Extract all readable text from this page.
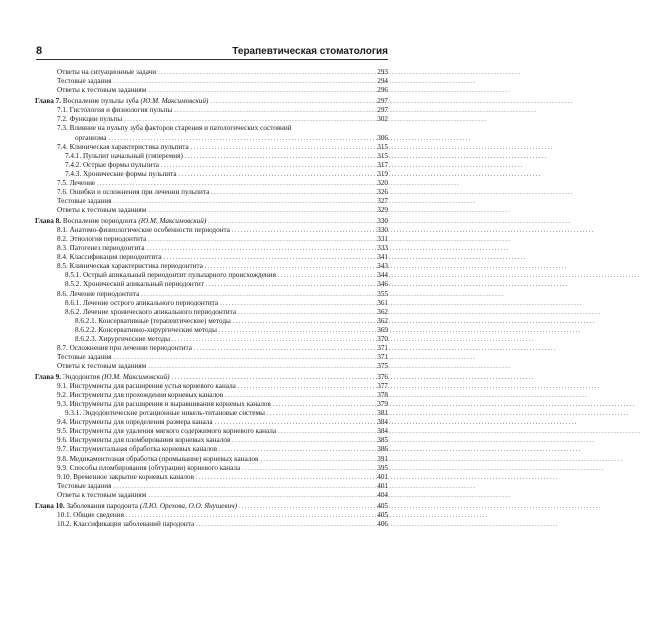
8	Терапевтическая стоматология
Ответы на ситуационные задачи . . .	293
Тестовые задания . . .	294
Ответы к тестовым заданиям . . .	296
Глава 7. Воспаление пульпы зуба (Ю.М. Максимовский) . . .	297
7.1. Гистология и физиология пульпы . . .	297
7.2. Функции пульпы . . .	302
7.3. Влияние на пульпу зуба факторов старения и патологических состояний
организма . . .	306
7.4. Клиническая характеристика пульпита . . .	315
7.4.1. Пульпит начальный (гиперемия) . . .	315
7.4.2. Острые формы пульпита . . .	317
7.4.3. Хронические формы пульпита . . .	319
7.5. Лечение . . .	320
7.6. Ошибки и осложнения при лечении пульпита . . .	326
Тестовые задания . . .	327
Ответы к тестовым заданиям . . .	329
Глава 8. Воспаление периодонта (Ю.М. Максимовский) . . .	330
8.1. Анатомо-физиологические особенности периодонта . . .	330
8.2. Этиология периодонтита . . .	331
8.3. Патогенез периодонтита . . .	333
8.4. Классификация периодонтита . . .	341
8.5. Клиническая характеристика периодонтита . . .	343
8.5.1. Острый апикальный периодонтит пульпарного происхождения . . .	344
8.5.2. Хронический апикальный периодонтит . . .	346
8.6. Лечение периодонтита . . .	355
8.6.1. Лечение острого апикального периодонтита . . .	361
8.6.2. Лечение хронического апикального периодонтита . . .	362
8.6.2.1. Консервативные (терапевтические) методы . . .	362
8.6.2.2. Консервативно-хирургические методы . . .	369
8.6.2.3. Хирургические методы . . .	370
8.7. Осложнения при лечении периодонтита . . .	371
Тестовые задания . . .	371
Ответы к тестовым заданиям . . .	375
Глава 9. Эндодонтия (Ю.М. Максимовский) . . .	376
9.1. Инструменты для расширения устья корневого канала . . .	377
9.2. Инструменты для прохождения корневых каналов . . .	378
9.3. Инструменты для расширения и выравнивания корневых каналов . . .	379
9.3.1. Эндодонтические ротационные никель-титановые системы . . .	381
9.4. Инструменты для определения размера канала . . .	384
9.5. Инструменты для удаления мягкого содержимого корневого канала . . .	384
9.6. Инструменты для пломбирования корневых каналов . . .	385
9.7. Инструментальная обработка корневых каналов . . .	386
9.8. Медикаментозная обработка (промывание) корневых каналов . . .	391
9.9. Способы пломбирования (обтурации) корневого канала . . .	395
9.10. Временное закрытие корневых каналов . . .	401
Тестовые задания . . .	401
Ответы к тестовым заданиям . . .	404
Глава 10. Заболевания пародонта (Л.Ю. Орехова, О.О. Янушевич) . . .	405
10.1. Общие сведения . . .	405
10.2. Классификация заболеваний пародонта . . .	406
